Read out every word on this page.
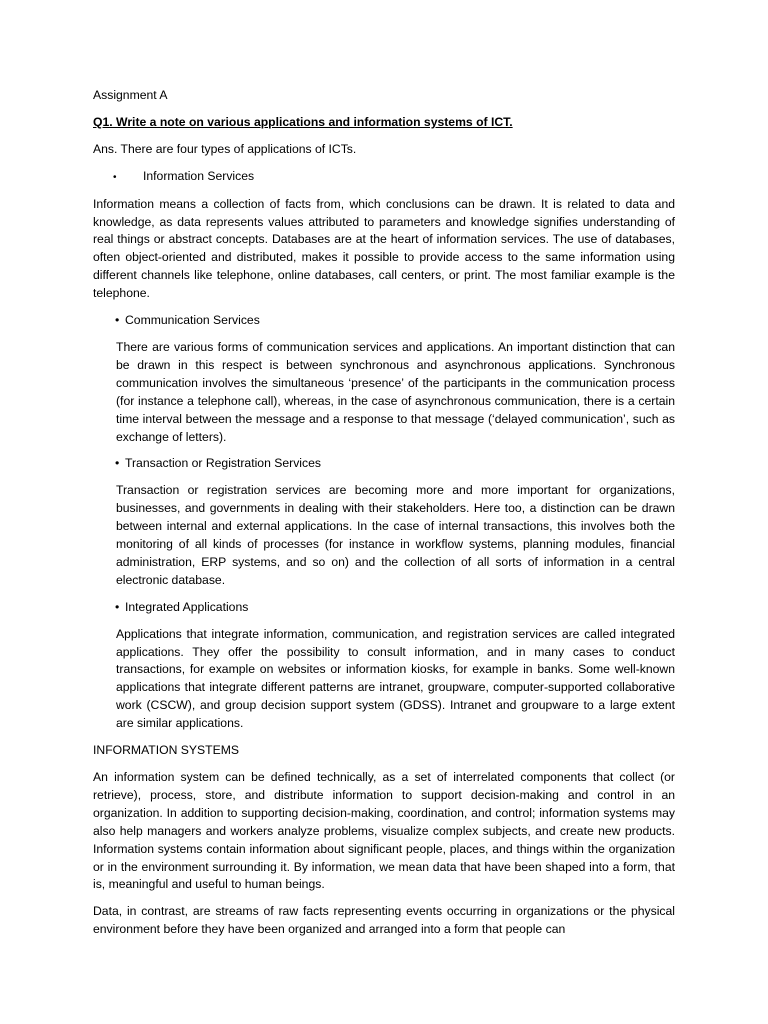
Assignment A
Q1. Write a note on various applications and information systems of ICT.
Ans. There are four types of applications of ICTs.
•	Information Services
Information means a collection of facts from, which conclusions can be drawn. It is related to data and knowledge, as data represents values attributed to parameters and knowledge signifies understanding of real things or abstract concepts. Databases are at the heart of information services. The use of databases, often object-oriented and distributed, makes it possible to provide access to the same information using different channels like telephone, online databases, call centers, or print. The most familiar example is the telephone.
• Communication Services
There are various forms of communication services and applications. An important distinction that can be drawn in this respect is between synchronous and asynchronous applications. Synchronous communication involves the simultaneous ‘presence’ of the participants in the communication process (for instance a telephone call), whereas, in the case of asynchronous communication, there is a certain time interval between the message and a response to that message (‘delayed communication’, such as exchange of letters).
• Transaction or Registration Services
Transaction or registration services are becoming more and more important for organizations, businesses, and governments in dealing with their stakeholders. Here too, a distinction can be drawn between internal and external applications. In the case of internal transactions, this involves both the monitoring of all kinds of processes (for instance in workflow systems, planning modules, financial administration, ERP systems, and so on) and the collection of all sorts of information in a central electronic database.
• Integrated Applications
Applications that integrate information, communication, and registration services are called integrated applications. They offer the possibility to consult information, and in many cases to conduct transactions, for example on websites or information kiosks, for example in banks. Some well-known applications that integrate different patterns are intranet, groupware, computer-supported collaborative work (CSCW), and group decision support system (GDSS). Intranet and groupware to a large extent are similar applications.
INFORMATION SYSTEMS
An information system can be defined technically, as a set of interrelated components that collect (or retrieve), process, store, and distribute information to support decision-making and control in an organization. In addition to supporting decision-making, coordination, and control; information systems may also help managers and workers analyze problems, visualize complex subjects, and create new products. Information systems contain information about significant people, places, and things within the organization or in the environment surrounding it. By information, we mean data that have been shaped into a form, that is, meaningful and useful to human beings.
Data, in contrast, are streams of raw facts representing events occurring in organizations or the physical environment before they have been organized and arranged into a form that people can
